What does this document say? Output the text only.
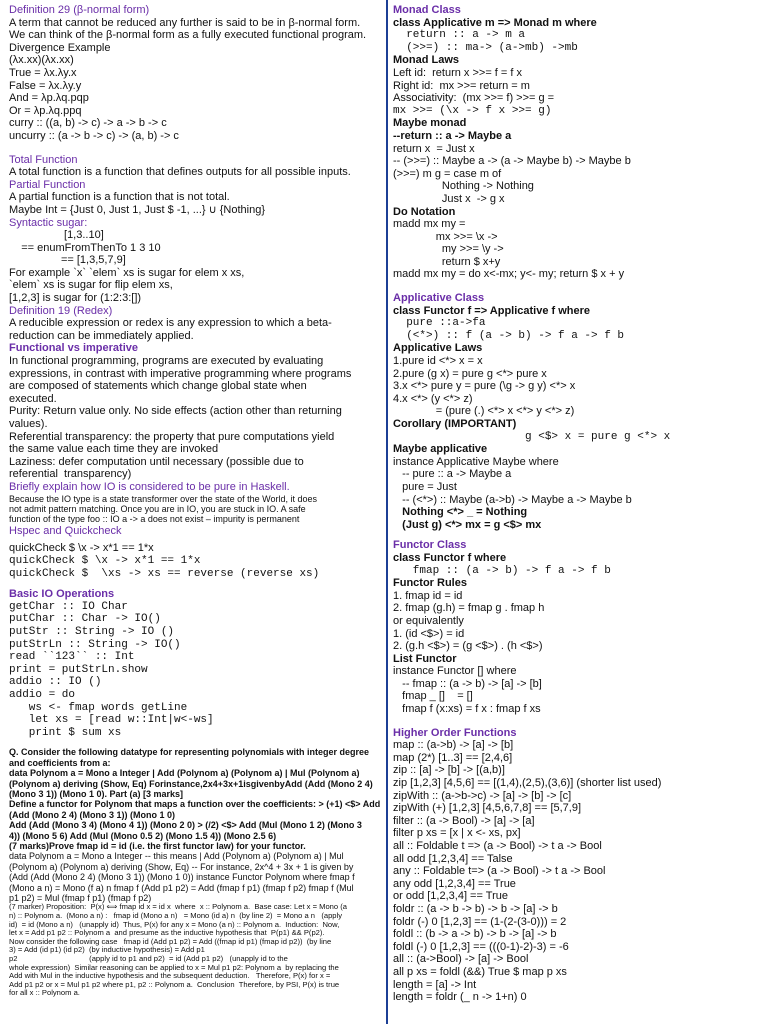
Definition 29 (β-normal form)
A term that cannot be reduced any further is said to be in β-normal form.
We can think of the β-normal form as a fully executed functional program.
Divergence Example
(λx.xx)(λx.xx)
True = λx.λy.x
False = λx.λy.y
And = λp.λq.pqp
Or = λp.λq.ppq
curry :: ((a, b) -> c) -> a -> b -> c
uncurry :: (a -> b -> c) -> (a, b) -> c
Total Function
A total function is a function that defines outputs for all possible inputs.
Partial Function
A partial function is a function that is not total.
Maybe Int = {Just 0, Just 1, Just $ -1, ...} ∪ {Nothing}
Syntactic sugar:
[1,3..10]
== enumFromThenTo 1 3 10
== [1,3,5,7,9]
For example `x` `elem` xs is sugar for elem x xs,
`elem` xs is sugar for flip elem xs,
[1,2,3] is sugar for (1:2:3:[])
Definition 19 (Redex)
A reducible expression or redex is any expression to which a beta-
reduction can be immediately applied.
Functional vs imperative
In functional programming, programs are executed by evaluating
expressions, in contrast with imperative programming where programs
are composed of statements which change global state when
executed.
Purity: Return value only. No side effects (action other than returning
values).
Referential transparency: the property that pure computations yield
the same value each time they are invoked
Laziness: defer computation until necessary (possible due to
referential  transparency)
Briefly explain how IO is considered to be pure in Haskell.
Because the IO type is a state transformer over the state of the World, it does
not admit pattern matching. Once you are in IO, you are stuck in IO. A safe
function of the type foo :: IO a -> a does not exist – impurity is permanent
Hspec and Quickcheck
quickCheck $ \x -> x*1 == 1*x
quickCheck $ \x -> x*1 == 1*x
quickCheck $  \xs -> xs == reverse (reverse xs)
Basic IO Operations
getChar :: IO Char
putChar :: Char -> IO()
putStr :: String -> IO ()
putStrLn :: String -> IO()
read ``123`` :: Int
print = putStrLn.show
addio :: IO ()
addio = do
ws <- fmap words getLine
let xs = [read w::Int|w<-ws]
print $ sum xs
Q. Consider the following datatype for representing polynomials with integer degree
and coefficients from a:
data Polynom a = Mono a Integer | Add (Polynom a) (Polynom a) | Mul (Polynom a)
(Polynom a) deriving (Show, Eq) Forinstance,2x4+3x+1isgivenbyAdd (Add (Mono 2 4)
(Mono 3 1)) (Mono 1 0). Part (a) [3 marks]
Define a functor for Polynom that maps a function over the coefficients: > (+1) <$> Add
(Add (Mono 2 4) (Mono 3 1)) (Mono 1 0)
Add (Add (Mono 3 4) (Mono 4 1)) (Mono 2 0) > (/2) <$> Add (Mul (Mono 1 2) (Mono 3
4)) (Mono 5 6) Add (Mul (Mono 0.5 2) (Mono 1.5 4)) (Mono 2.5 6)
(7 marks)Prove fmap id = id (i.e. the first functor law) for your functor.
data Polynom a = Mono a Integer -- this means | Add (Polynom a) (Polynom a) | Mul
(Polynom a) (Polynom a) deriving (Show, Eq) -- For instance, 2x^4 + 3x + 1 is given by
(Add (Add (Mono 2 4) (Mono 3 1)) (Mono 1 0)) instance Functor Polynom where fmap f
(Mono a n) = Mono (f a) n fmap f (Add p1 p2) = Add (fmap f p1) (fmap f p2) fmap f (Mul
p1 p2) = Mul (fmap f p1) (fmap f p2)
(7 marker) Proposition:  P(x) ⟺ fmap id x = id x  where  x :: Polynom a.  Base case: Let x = Mono (a
n) :: Polynom a.  (Mono a n) :   fmap id (Mono a n)   = Mono (id a) n  (by line 2)  = Mono a n   (apply
id)  = id (Mono a n)   (unapply id)  Thus, P(x) for any x = Mono (a n) :: Polynom a.  Induction:  Now,
let x = Add p1 p2 :: Polynom a  and presume as the inductive hypothesis that  P(p1) && P(p2).
Now consider the following case   fmap id (Add p1 p2) = Add ((fmap id p1) (fmap id p2))  (by line
3) = Add (id p1) (id p2)  (by inductive hypothesis) = Add p1
p2                                  (apply id to p1 and p2)  = id (Add p1 p2)   (unapply id to the
whole expression)  Similar reasoning can be applied to x = Mul p1 p2: Polynom a  by replacing the
Add with Mul in the inductive hypothesis and the subsequent deduction.   Therefore, P(x) for x =
Add p1 p2 or x = Mul p1 p2 where p1, p2 :: Polynom a.  Conclusion  Therefore, by PSI, P(x) is true
for all x :: Polynom a.
Monad Class
class Applicative m => Monad m where
return :: a -> m a
(>>=) :: ma-> (a->mb) ->mb
Monad Laws
Left id:  return x >>= f = f x
Right id:  mx >>= return = m
Associativity:  (mx >>= f) >>= g =
mx >>= (\x -> f x >>= g)
Maybe monad
--return :: a -> Maybe a
return x  = Just x
-- (>>=) :: Maybe a -> (a -> Maybe b) -> Maybe b
(>>=) m g = case m of
Nothing -> Nothing
Just x  -> g x
Do Notation
madd mx my =
mx >>= \x ->
my >>= \y ->
return $ x+y
madd mx my = do x<-mx; y<- my; return $ x + y
Applicative Class
class Functor f => Applicative f where
pure ::a->fa
(<*>) :: f (a -> b) -> f a -> f b
Applicative Laws
1.pure id <*> x = x
2.pure (g x) = pure g <*> pure x
3.x <*> pure y = pure (\g -> g y) <*> x
4.x <*> (y <*> z)
= (pure (.) <*> x <*> y <*> z)
Corollary (IMPORTANT)
g <$> x = pure g <*> x
Maybe applicative
instance Applicative Maybe where
-- pure :: a -> Maybe a
pure = Just
-- (<*>) :: Maybe (a->b) -> Maybe a -> Maybe b
Nothing <*> _ = Nothing
(Just g) <*> mx = g <$> mx
Functor Class
class Functor f where
fmap :: (a -> b) -> f a -> f b
Functor Rules
1. fmap id = id
2. fmap (g.h) = fmap g . fmap h
or equivalently
1. (id <$>) = id
2. (g.h <$>) = (g <$>) . (h <$>)
List Functor
instance Functor [] where
-- fmap :: (a -> b) -> [a] -> [b]
fmap _ []    = []
fmap f (x:xs) = f x : fmap f xs
Higher Order Functions
map :: (a->b) -> [a] -> [b]
map (2*) [1..3] == [2,4,6]
zip :: [a] -> [b] -> [(a,b)]
zip [1,2,3] [4,5,6] == [(1,4),(2,5),(3,6)] (shorter list used)
zipWith :: (a->b->c) -> [a] -> [b] -> [c]
zipWith (+) [1,2,3] [4,5,6,7,8] == [5,7,9]
filter :: (a -> Bool) -> [a] -> [a]
filter p xs = [x | x <- xs, px]
all :: Foldable t => (a -> Bool) -> t a -> Bool
all odd [1,2,3,4] == Talse
any :: Foldable t=> (a -> Bool) -> t a -> Bool
any odd [1,2,3,4] == True
or odd [1,2,3,4] == True
foldr :: (a -> b -> b) -> b -> [a] -> b
foldr (-) 0 [1,2,3] == (1-(2-(3-0))) = 2
foldl :: (b -> a -> b) -> b -> [a] -> b
foldl (-) 0 [1,2,3] == (((0-1)-2)-3) = -6
all :: (a->Bool) -> [a] -> Bool
all p xs = foldl (&&) True $ map p xs
length = [a] -> Int
length = foldr (_ n -> 1+n) 0
